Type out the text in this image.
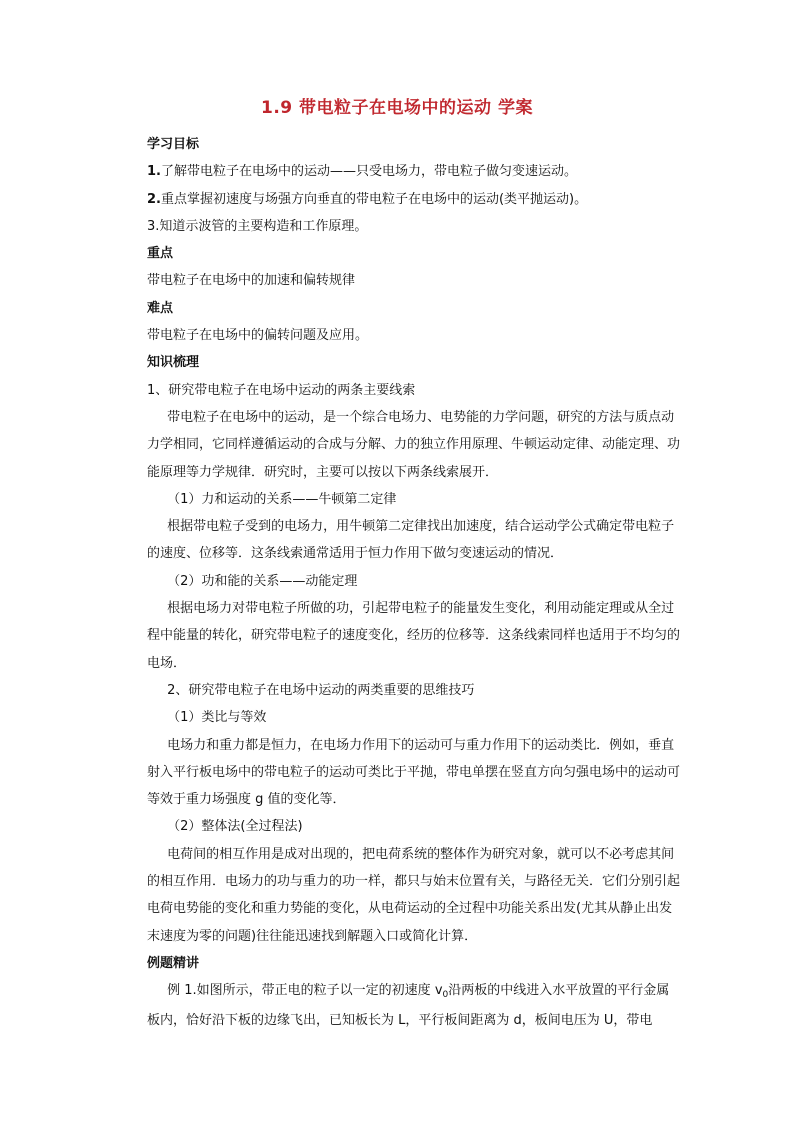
1.9 带电粒子在电场中的运动 学案

学习目标

1.了解带电粒子在电场中的运动——只受电场力，带电粒子做匀变速运动。

2.重点掌握初速度与场强方向垂直的带电粒子在电场中的运动(类平抛运动)。

3.知道示波管的主要构造和工作原理。

重点

带电粒子在电场中的加速和偏转规律

难点

带电粒子在电场中的偏转问题及应用。

知识梳理

1、研究带电粒子在电场中运动的两条主要线索

带电粒子在电场中的运动，是一个综合电场力、电势能的力学问题，研究的方法与质点动力学相同，它同样遵循运动的合成与分解、力的独立作用原理、牛顿运动定律、动能定理、功能原理等力学规律．研究时，主要可以按以下两条线索展开．

（1）力和运动的关系——牛顿第二定律

根据带电粒子受到的电场力，用牛顿第二定律找出加速度，结合运动学公式确定带电粒子的速度、位移等．这条线索通常适用于恒力作用下做匀变速运动的情况．

（2）功和能的关系——动能定理

根据电场力对带电粒子所做的功，引起带电粒子的能量发生变化，利用动能定理或从全过程中能量的转化，研究带电粒子的速度变化，经历的位移等．这条线索同样也适用于不均匀的电场．

2、研究带电粒子在电场中运动的两类重要的思维技巧

（1）类比与等效

电场力和重力都是恒力，在电场力作用下的运动可与重力作用下的运动类比．例如，垂直射入平行板电场中的带电粒子的运动可类比于平抛，带电单摆在竖直方向匀强电场中的运动可等效于重力场强度 g 值的变化等．

（2）整体法(全过程法)

电荷间的相互作用是成对出现的，把电荷系统的整体作为研究对象，就可以不必考虑其间的相互作用．电场力的功与重力的功一样，都只与始末位置有关，与路径无关．它们分别引起电荷电势能的变化和重力势能的变化，从电荷运动的全过程中功能关系出发(尤其从静止出发末速度为零的问题)往往能迅速找到解题入口或简化计算．

例题精讲

例 1.如图所示，带正电的粒子以一定的初速度 $v_0$沿两板的中线进入水平放置的平行金属板内，恰好沿下板的边缘飞出，已知板长为 L，平行板间距离为 d，板间电压为 U，带电
